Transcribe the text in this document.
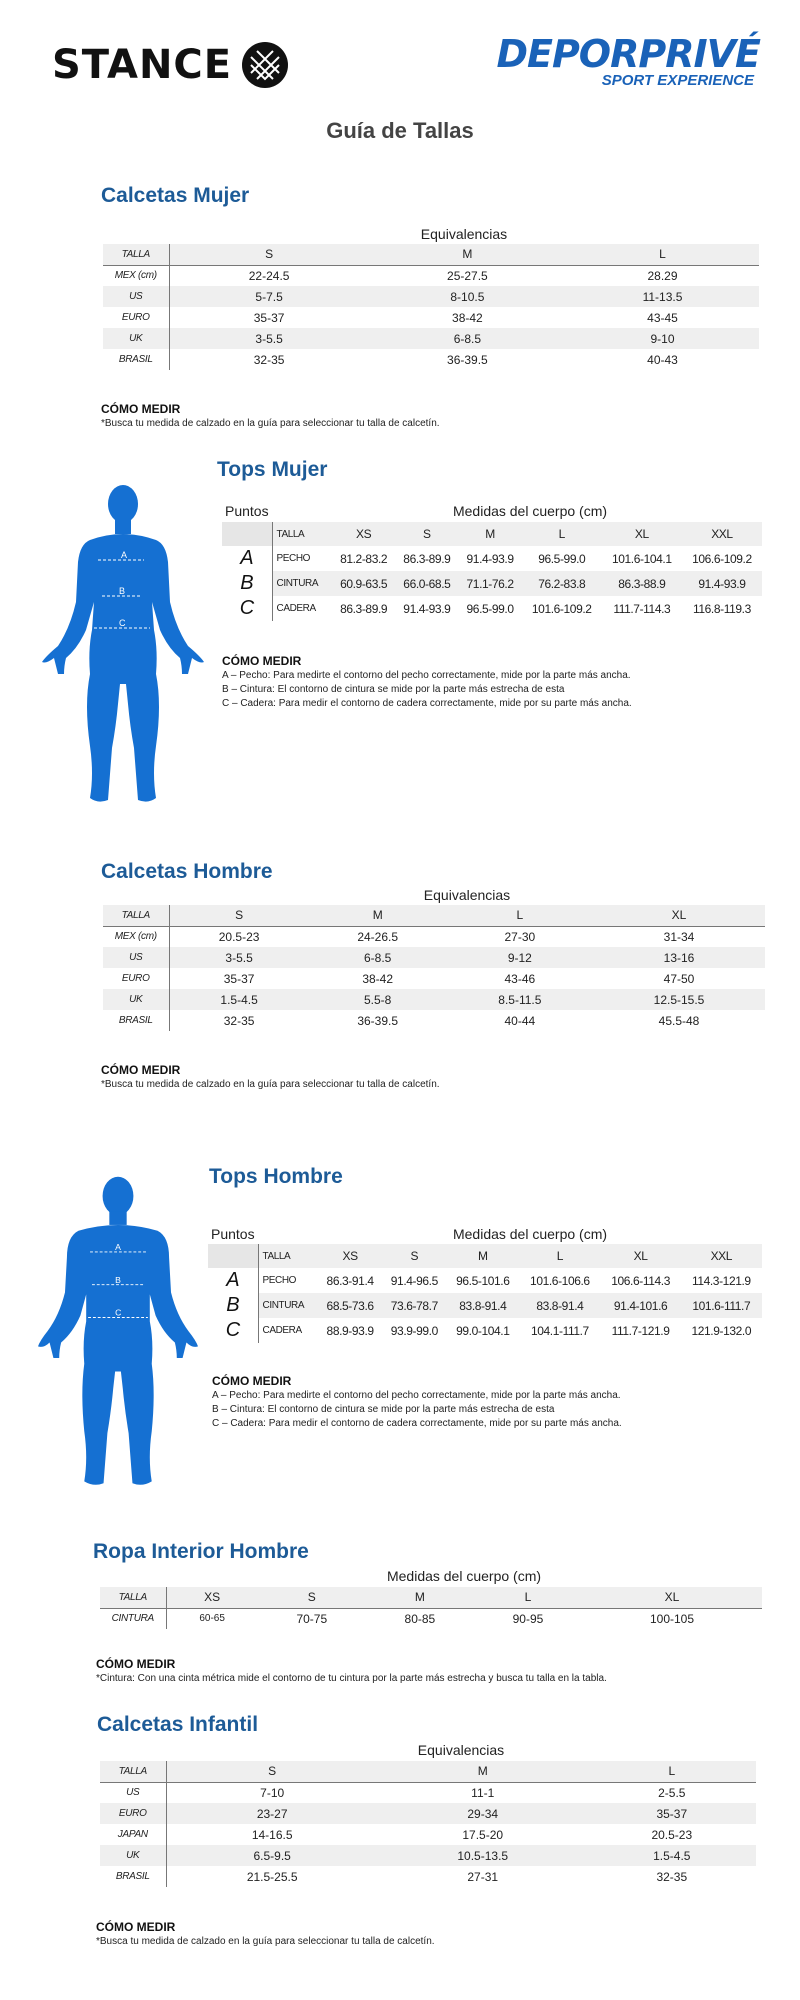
STANCE	DEPORPRIVÉ
SPORT EXPERIENCE
Guía de Tallas
Calcetas Mujer
Equivalencias
TALLA	S	M	L
MEX (cm)	22-24.5	25-27.5	28.29
US	5-7.5	8-10.5	11-13.5
EURO	35-37	38-42	43-45
UK	3-5.5	6-8.5	9-10
BRASIL	32-35	36-39.5	40-43
CÓMO MEDIR
*Busca tu medida de calzado en la guía para seleccionar tu talla de calcetín.
A
B
C
Tops Mujer
Puntos	Medidas del cuerpo (cm)
	TALLA	XS	S	M	L	XL	XXL
A	PECHO	81.2-83.2	86.3-89.9	91.4-93.9	96.5-99.0	101.6-104.1	106.6-109.2
B	CINTURA	60.9-63.5	66.0-68.5	71.1-76.2	76.2-83.8	86.3-88.9	91.4-93.9
C	CADERA	86.3-89.9	91.4-93.9	96.5-99.0	101.6-109.2	111.7-114.3	116.8-119.3
CÓMO MEDIR
A – Pecho: Para medirte el contorno del pecho correctamente, mide por la parte más ancha.
B – Cintura: El contorno de cintura se mide por la parte más estrecha de esta
C – Cadera: Para medir el contorno de cadera correctamente, mide por su parte más ancha.
Calcetas Hombre
Equivalencias
TALLA	S	M	L	XL
MEX (cm)	20.5-23	24-26.5	27-30	31-34
US	3-5.5	6-8.5	9-12	13-16
EURO	35-37	38-42	43-46	47-50
UK	1.5-4.5	5.5-8	8.5-11.5	12.5-15.5
BRASIL	32-35	36-39.5	40-44	45.5-48
CÓMO MEDIR
*Busca tu medida de calzado en la guía para seleccionar tu talla de calcetín.
A
B
C
Tops Hombre
Puntos	Medidas del cuerpo (cm)
	TALLA	XS	S	M	L	XL	XXL
A	PECHO	86.3-91.4	91.4-96.5	96.5-101.6	101.6-106.6	106.6-114.3	114.3-121.9
B	CINTURA	68.5-73.6	73.6-78.7	83.8-91.4	83.8-91.4	91.4-101.6	101.6-111.7
C	CADERA	88.9-93.9	93.9-99.0	99.0-104.1	104.1-111.7	111.7-121.9	121.9-132.0
CÓMO MEDIR
A – Pecho: Para medirte el contorno del pecho correctamente, mide por la parte más ancha.
B – Cintura: El contorno de cintura se mide por la parte más estrecha de esta
C – Cadera: Para medir el contorno de cadera correctamente, mide por su parte más ancha.
Ropa Interior Hombre
Medidas del cuerpo (cm)
TALLA	XS	S	M	L	XL
CINTURA	60-65	70-75	80-85	90-95	100-105
CÓMO MEDIR
*Cintura: Con una cinta métrica mide el contorno de tu cintura por la parte más estrecha y busca tu talla en la tabla.
Calcetas Infantil
Equivalencias
TALLA	S	M	L
US	7-10	11-1	2-5.5
EURO	23-27	29-34	35-37
JAPAN	14-16.5	17.5-20	20.5-23
UK	6.5-9.5	10.5-13.5	1.5-4.5
BRASIL	21.5-25.5	27-31	32-35
CÓMO MEDIR
*Busca tu medida de calzado en la guía para seleccionar tu talla de calcetín.
